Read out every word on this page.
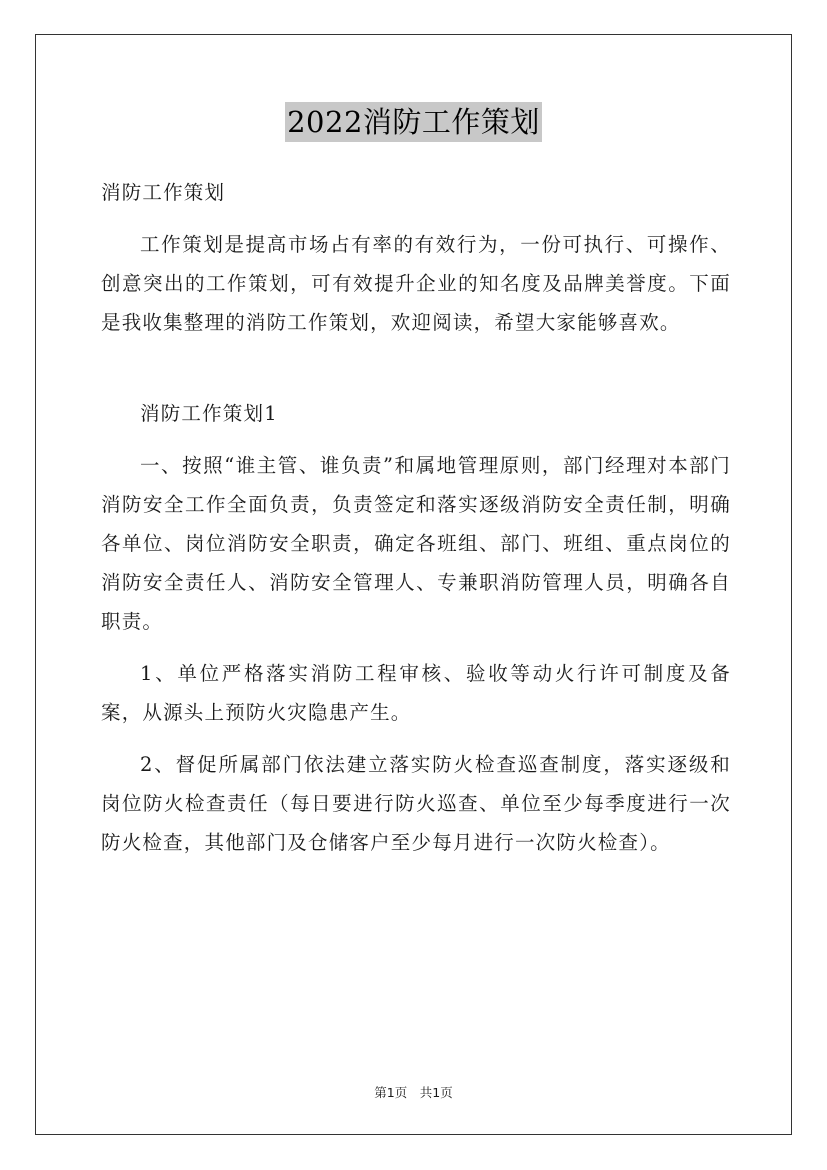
2022消防工作策划

消防工作策划

工作策划是提高市场占有率的有效行为，一份可执行、可操作、创意突出的工作策划，可有效提升企业的知名度及品牌美誉度。下面是我收集整理的消防工作策划，欢迎阅读，希望大家能够喜欢。

消防工作策划1

一、按照“谁主管、谁负责”和属地管理原则，部门经理对本部门消防安全工作全面负责，负责签定和落实逐级消防安全责任制，明确各单位、岗位消防安全职责，确定各班组、部门、班组、重点岗位的消防安全责任人、消防安全管理人、专兼职消防管理人员，明确各自职责。

1、单位严格落实消防工程审核、验收等动火行许可制度及备案，从源头上预防火灾隐患产生。

2、督促所属部门依法建立落实防火检查巡查制度，落实逐级和岗位防火检查责任（每日要进行防火巡查、单位至少每季度进行一次防火检查，其他部门及仓储客户至少每月进行一次防火检查）。

第1页　共1页
